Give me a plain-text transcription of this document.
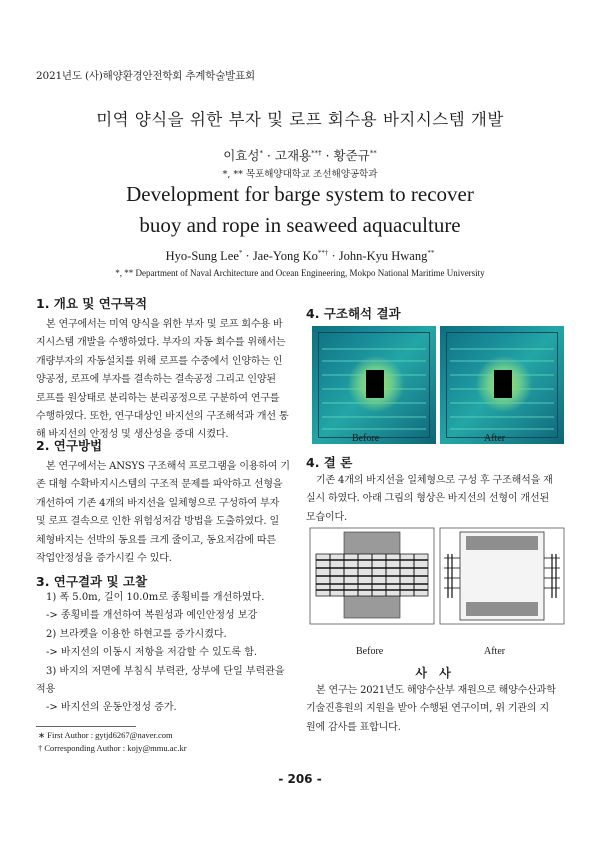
2021년도 (사)해양환경안전학회 추계학술발표회
미역 양식을 위한 부자 및 로프 회수용 바지시스템 개발
이효성* · 고재용**† · 황준규**
*, ** 목포해양대학교 조선해양공학과
Development for barge system to recover
buoy and rope in seaweed aquaculture
Hyo-Sung Lee* · Jae-Yong Ko**† · John-Kyu Hwang**
*, ** Department of Naval Architecture and Ocean Engineering, Mokpo National Maritime University
1. 개요 및 연구목적
본 연구에서는 미역 양식을 위한 부자 및 로프 회수용 바
지시스템 개발을 수행하였다. 부자의 자동 회수를 위해서는
개량부자의 자동설치를 위해 로프를 수중에서 인양하는 인
양공정, 로프에 부자를 결속하는 결속공정 그리고 인양된
로프를 원상태로 분리하는 분리공정으로 구분하여 연구를
수행하였다. 또한, 연구대상인 바지선의 구조해석과 개선 통
해 바지선의 안정성 및 생산성을 증대 시켰다.
2. 연구방법
본 연구에서는 ANSYS 구조해석 프로그램을 이용하여 기
존 대형 수확바지시스템의 구조적 문제를 파악하고 선형을
개선하여 기존 4개의 바지선을 일체형으로 구성하여 부자
및 로프 결속으로 인한 위험성저감 방법을 도출하였다. 일
체형바지는 선박의 동요를 크게 줄이고, 동요저감에 따른
작업안정성을 증가시킬 수 있다.
3. 연구결과 및 고찰
1) 폭 5.0m, 길이 10.0m로 종횡비를 개선하였다.
-> 종횡비를 개선하여 복원성과 예인안정성 보강
2) 브라켓을 이용한 하현고를 증가시켰다.
-> 바지선의 이동시 저항을 저감할 수 있도록 함.
3) 바지의 저면에 부침식 부력관, 상부에 단일 부력관을
적용
-> 바지선의 운동안정성 증가.
4. 구조해석 결과
Before	After
4. 결 론
기존 4개의 바지선을 일체형으로 구성 후 구조해석을 재
실시 하였다. 아래 그림의 형상은 바지선의 선형이 개선된
모습이다.
Before	After
사 사
본 연구는 2021년도 해양수산부 재원으로 해양수산과학
기술진흥원의 지원을 받아 수행된 연구이며, 위 기관의 지
원에 감사를 표합니다.
∗ First Author : gytjd6267@naver.com
† Corresponding Author : kojy@mmu.ac.kr
- 206 -
